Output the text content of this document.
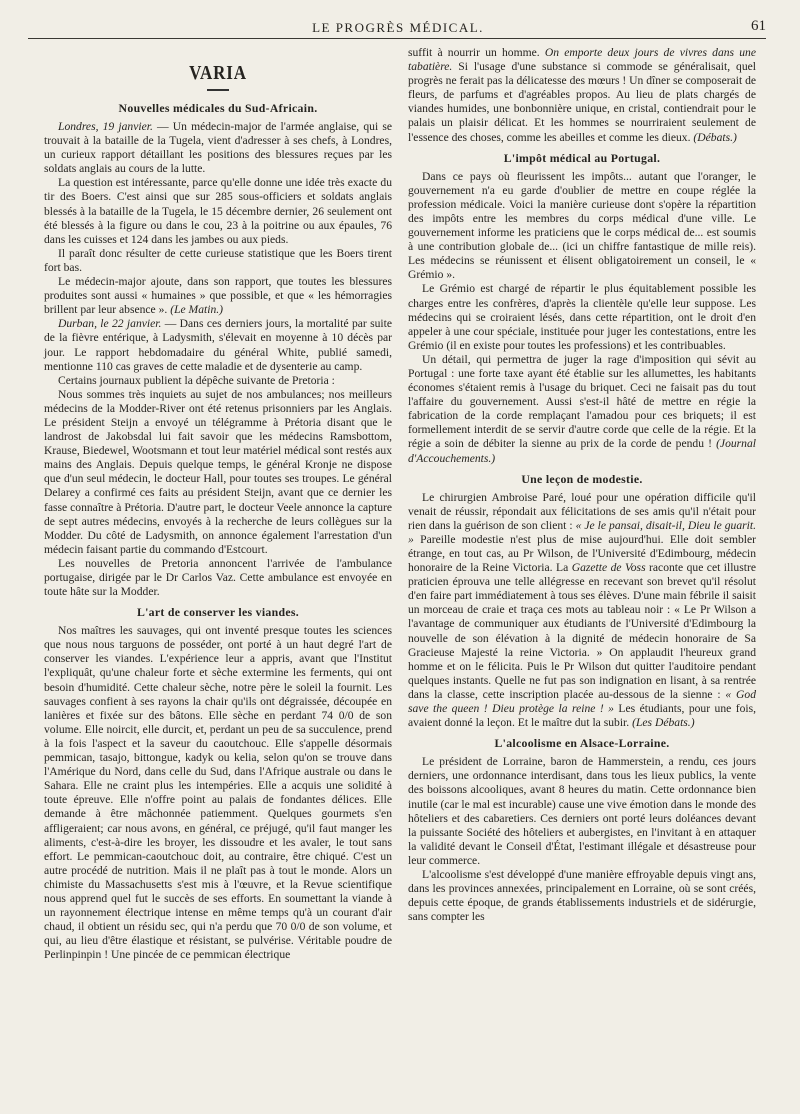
LE PROGRÈS MÉDICAL.	61
VARIA
Nouvelles médicales du Sud-Africain.

Londres, 19 janvier. — Un médecin-major de l'armée anglaise, qui se trouvait à la bataille de la Tugela, vient d'adresser à ses chefs, à Londres, un curieux rapport détaillant les positions des blessures reçues par les soldats anglais au cours de la lutte.

La question est intéressante, parce qu'elle donne une idée très exacte du tir des Boers. C'est ainsi que sur 285 sous-officiers et soldats anglais blessés à la bataille de la Tugela, le 15 décembre dernier, 26 seulement ont été blessés à la figure ou dans le cou, 23 à la poitrine ou aux épaules, 76 dans les cuisses et 124 dans les jambes ou aux pieds.

Il paraît donc résulter de cette curieuse statistique que les Boers tirent fort bas.

Le médecin-major ajoute, dans son rapport, que toutes les blessures produites sont aussi « humaines » que possible, et que « les hémorragies brillent par leur absence ». (Le Matin.)

Durban, le 22 janvier. — Dans ces derniers jours, la mortalité par suite de la fièvre entérique, à Ladysmith, s'élevait en moyenne à 10 décès par jour. Le rapport hebdomadaire du général White, publié samedi, mentionne 110 cas graves de cette maladie et de dysenterie au camp.

Certains journaux publient la dépêche suivante de Pretoria :

Nous sommes très inquiets au sujet de nos ambulances; nos meilleurs médecins de la Modder-River ont été retenus prisonniers par les Anglais. Le président Steijn a envoyé un télégramme à Prétoria disant que le landrost de Jakobsdal lui fait savoir que les médecins Ramsbottom, Krause, Biedewel, Wootsmann et tout leur matériel médical sont restés aux mains des Anglais. Depuis quelque temps, le général Kronje ne dispose que d'un seul médecin, le docteur Hall, pour toutes ses troupes. Le général Delarey a confirmé ces faits au président Steijn, avant que ce dernier les fasse connaître à Prétoria. D'autre part, le docteur Veele annonce la capture de sept autres médecins, envoyés à la recherche de leurs collègues sur la Modder. Du côté de Ladysmith, on annonce également l'arrestation d'un médecin faisant partie du commando d'Estcourt.

Les nouvelles de Pretoria annoncent l'arrivée de l'ambulance portugaise, dirigée par le Dr Carlos Vaz. Cette ambulance est envoyée en toute hâte sur la Modder.

L'art de conserver les viandes.

Nos maîtres les sauvages, qui ont inventé presque toutes les sciences que nous nous targuons de posséder, ont porté à un haut degré l'art de conserver les viandes. L'expérience leur a appris, avant que l'Institut l'expliquât, qu'une chaleur forte et sèche extermine les ferments, qui ont besoin d'humidité. Cette chaleur sèche, notre père le soleil la fournit. Les sauvages confient à ses rayons la chair qu'ils ont dégraissée, découpée en lanières et fixée sur des bâtons. Elle sèche en perdant 74 0/0 de son volume. Elle noircit, elle durcit, et, perdant un peu de sa succulence, prend à la fois l'aspect et la saveur du caoutchouc. Elle s'appelle désormais pemmican, tasajo, bittongue, kadyk ou kelia, selon qu'on se trouve dans l'Amérique du Nord, dans celle du Sud, dans l'Afrique australe ou dans le Sahara. Elle ne craint plus les intempéries. Elle a acquis une solidité à toute épreuve. Elle n'offre point au palais de fondantes délices. Elle demande à être mâchonnée patiemment. Quelques gourmets s'en affligeraient; car nous avons, en général, ce préjugé, qu'il faut manger les aliments, c'est-à-dire les broyer, les dissoudre et les avaler, le tout sans effort. Le pemmican-caoutchouc doit, au contraire, être chiqué. C'est un autre procédé de nutrition. Mais il ne plaît pas à tout le monde. Alors un chimiste du Massachusetts s'est mis à l'œuvre, et la Revue scientifique nous apprend quel fut le succès de ses efforts. En soumettant la viande à un rayonnement électrique intense en même temps qu'à un courant d'air chaud, il obtient un résidu sec, qui n'a perdu que 70 0/0 de son volume, et qui, au lieu d'être élastique et résistant, se pulvérise. Véritable poudre de Perlinpinpin ! Une pincée de ce pemmican électrique

suffit à nourrir un homme. On emporte deux jours de vivres dans une tabatière. Si l'usage d'une substance si commode se généralisait, quel progrès ne ferait pas la délicatesse des mœurs ! Un dîner se composerait de fleurs, de parfums et d'agréables propos. Au lieu de plats chargés de viandes humides, une bonbonnière unique, en cristal, contiendrait pour le palais un plaisir délicat. Et les hommes se nourriraient seulement de l'essence des choses, comme les abeilles et comme les dieux. (Débats.)

L'impôt médical au Portugal.

Dans ce pays où fleurissent les impôts... autant que l'oranger, le gouvernement n'a eu garde d'oublier de mettre en coupe réglée la profession médicale. Voici la manière curieuse dont s'opère la répartition des impôts entre les membres du corps médical d'une ville. Le gouvernement informe les praticiens que le corps médical de... est soumis à une contribution globale de... (ici un chiffre fantastique de mille reis). Les médecins se réunissent et élisent obligatoirement un conseil, le « Grémio ».

Le Grémio est chargé de répartir le plus équitablement possible les charges entre les confrères, d'après la clientèle qu'elle leur suppose. Les médecins qui se croiraient lésés, dans cette répartition, ont le droit d'en appeler à une cour spéciale, instituée pour juger les contestations, entre les Grémio (il en existe pour toutes les professions) et les contribuables.

Un détail, qui permettra de juger la rage d'imposition qui sévit au Portugal : une forte taxe ayant été établie sur les allumettes, les habitants économes s'étaient remis à l'usage du briquet. Ceci ne faisait pas du tout l'affaire du gouvernement. Aussi s'est-il hâté de mettre en régie la fabrication de la corde remplaçant l'amadou pour ces briquets; il est formellement interdit de se servir d'autre corde que celle de la régie. Et la régie a soin de débiter la sienne au prix de la corde de pendu ! (Journal d'Accouchements.)

Une leçon de modestie.

Le chirurgien Ambroise Paré, loué pour une opération difficile qu'il venait de réussir, répondait aux félicitations de ses amis qu'il n'était pour rien dans la guérison de son client : « Je le pansai, disait-il, Dieu le guarit. » Pareille modestie n'est plus de mise aujourd'hui. Elle doit sembler étrange, en tout cas, au Pr Wilson, de l'Université d'Edimbourg, médecin honoraire de la Reine Victoria. La Gazette de Voss raconte que cet illustre praticien éprouva une telle allégresse en recevant son brevet qu'il résolut d'en faire part immédiatement à tous ses élèves. D'une main fébrile il saisit un morceau de craie et traça ces mots au tableau noir : « Le Pr Wilson a l'avantage de communiquer aux étudiants de l'Université d'Edimbourg la nouvelle de son élévation à la dignité de médecin honoraire de Sa Gracieuse Majesté la reine Victoria. » On applaudit l'heureux grand homme et on le félicita. Puis le Pr Wilson dut quitter l'auditoire pendant quelques instants. Quelle ne fut pas son indignation en lisant, à sa rentrée dans la classe, cette inscription placée au-dessous de la sienne : « God save the queen ! Dieu protège la reine ! » Les étudiants, pour une fois, avaient donné la leçon. Et le maître dut la subir. (Les Débats.)

L'alcoolisme en Alsace-Lorraine.

Le président de Lorraine, baron de Hammerstein, a rendu, ces jours derniers, une ordonnance interdisant, dans tous les lieux publics, la vente des boissons alcooliques, avant 8 heures du matin. Cette ordonnance bien inutile (car le mal est incurable) cause une vive émotion dans le monde des hôteliers et des cabaretiers. Ces derniers ont porté leurs doléances devant la puissante Société des hôteliers et aubergistes, en l'invitant à en attaquer la validité devant le Conseil d'État, l'estimant illégale et désastreuse pour leur commerce.

L'alcoolisme s'est développé d'une manière effroyable depuis vingt ans, dans les provinces annexées, principalement en Lorraine, où se sont créés, depuis cette époque, de grands établissements industriels et de sidérurgie, sans compter les
